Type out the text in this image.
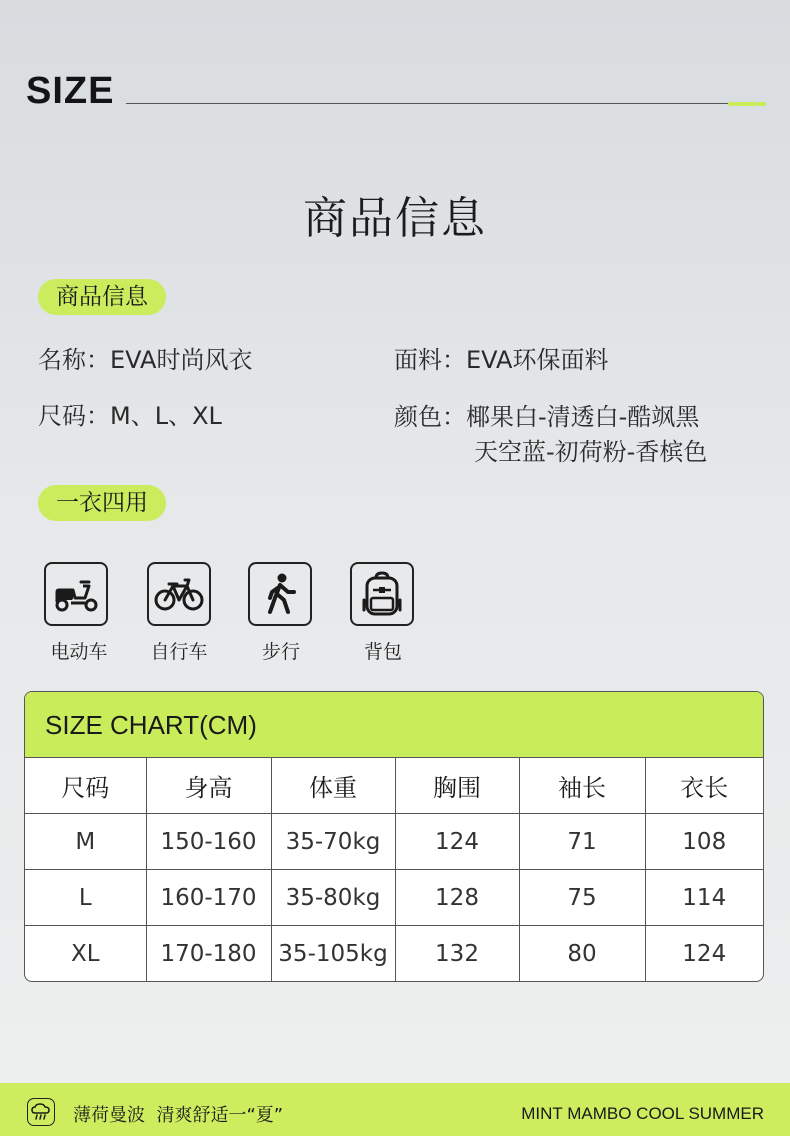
SIZE
商品信息
商品信息
名称：EVA时尚风衣	面料：EVA环保面料
尺码：M、L、XL	颜色：椰果白-清透白-酷飒黑
天空蓝-初荷粉-香槟色
一衣四用
电动车	自行车	步行	背包
SIZE CHART(CM)
尺码	身高	体重	胸围	袖长	衣长
M	150-160	35-70kg	124	71	108
L	160-170	35-80kg	128	75	114
XL	170-180	35-105kg	132	80	124
薄荷曼波  清爽舒适一“夏”	MINT MAMBO COOL SUMMER
